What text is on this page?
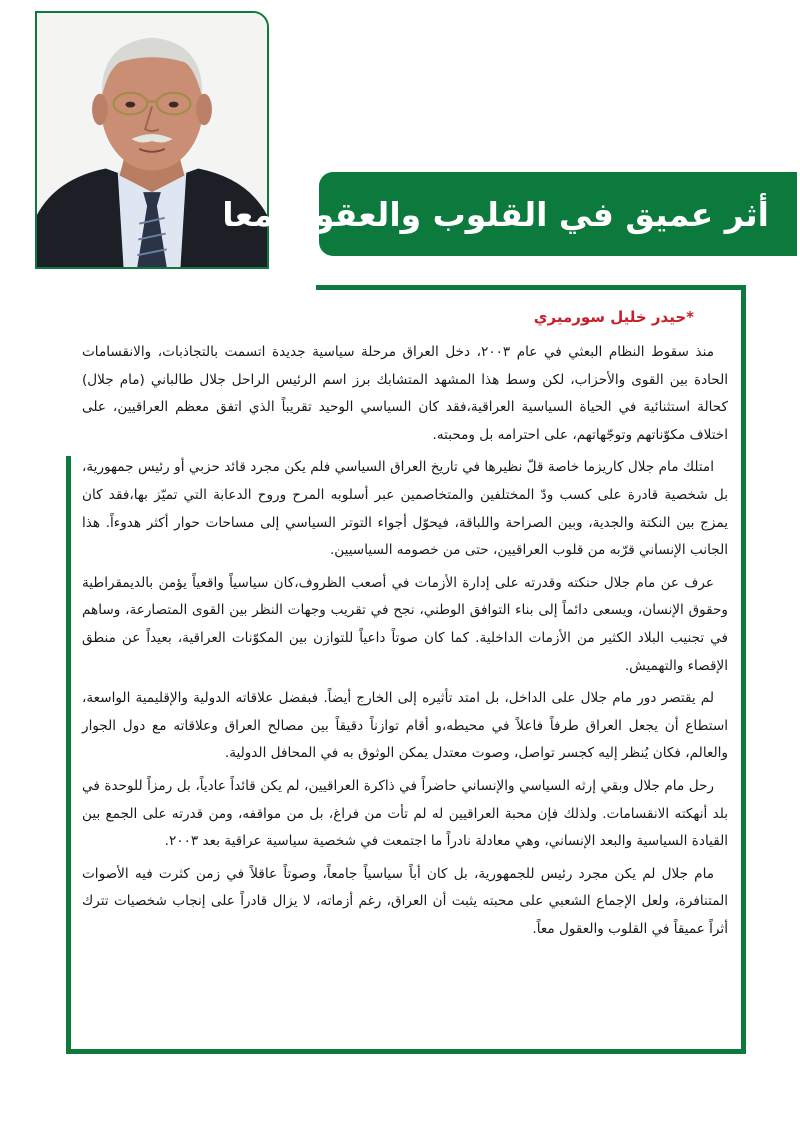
أثر عميق في القلوب والعقول معا
*حيدر خليل سورميري

منذ سقوط النظام البعثي في عام ٢٠٠٣، دخل العراق مرحلة سياسية جديدة اتسمت بالتجاذبات، والانقسامات الحادة بين القوى والأحزاب، لكن وسط هذا المشهد المتشابك برز اسم الرئيس الراحل جلال طالباني (مام جلال) كحالة استثنائية في الحياة السياسية العراقية،فقد كان السياسي الوحيد تقريباً الذي اتفق معظم العراقيين، على اختلاف مكوّناتهم وتوجّهاتهم، على احترامه بل ومحبته.

امتلك مام جلال كاريزما خاصة قلّ نظيرها في تاريخ العراق السياسي فلم يكن مجرد قائد حزبي أو رئيس جمهورية، بل شخصية قادرة على كسب ودّ المختلفين والمتخاصمين عبر أسلوبه المرح وروح الدعابة التي تميّز بها،فقد كان يمزج بين النكتة والجدية، وبين الصراحة واللباقة، فيحوّل أجواء التوتر السياسي إلى مساحات حوار أكثر هدوءاً. هذا الجانب الإنساني قرّبه من قلوب العراقيين، حتى من خصومه السياسيين.

عرف عن مام جلال حنكته وقدرته على إدارة الأزمات في أصعب الظروف،كان سياسياً واقعياً يؤمن بالديمقراطية وحقوق الإنسان، ويسعى دائماً إلى بناء التوافق الوطني، نجح في تقريب وجهات النظر بين القوى المتصارعة، وساهم في تجنيب البلاد الكثير من الأزمات الداخلية. كما كان صوتاً داعياً للتوازن بين المكوّنات العراقية، بعيداً عن منطق الإقصاء والتهميش.

لم يقتصر دور مام جلال على الداخل، بل امتد تأثيره إلى الخارج أيضاً. فبفضل علاقاته الدولية والإقليمية الواسعة، استطاع أن يجعل العراق طرفاً فاعلاً في محيطه،و أقام توازناً دقيقاً بين مصالح العراق وعلاقاته مع دول الجوار والعالم، فكان يُنظر إليه كجسر تواصل، وصوت معتدل يمكن الوثوق به في المحافل الدولية.

رحل مام جلال وبقي إرثه السياسي والإنساني حاضراً في ذاكرة العراقيين، لم يكن قائداً عادياً، بل رمزاً للوحدة في بلد أنهكته الانقسامات. ولذلك فإن محبة العراقيين له لم تأت من فراغ، بل من مواقفه، ومن قدرته على الجمع بين القيادة السياسية والبعد الإنساني، وهي معادلة نادراً ما اجتمعت في شخصية سياسية عراقية بعد ٢٠٠٣.

مام جلال لم يكن مجرد رئيس للجمهورية، بل كان أباً سياسياً جامعاً، وصوتاً عاقلاً في زمن كثرت فيه الأصوات المتنافرة، ولعل الإجماع الشعبي على محبته يثبت أن العراق، رغم أزماته، لا يزال قادراً على إنجاب شخصيات تترك أثراً عميقاً في القلوب والعقول معاً.
